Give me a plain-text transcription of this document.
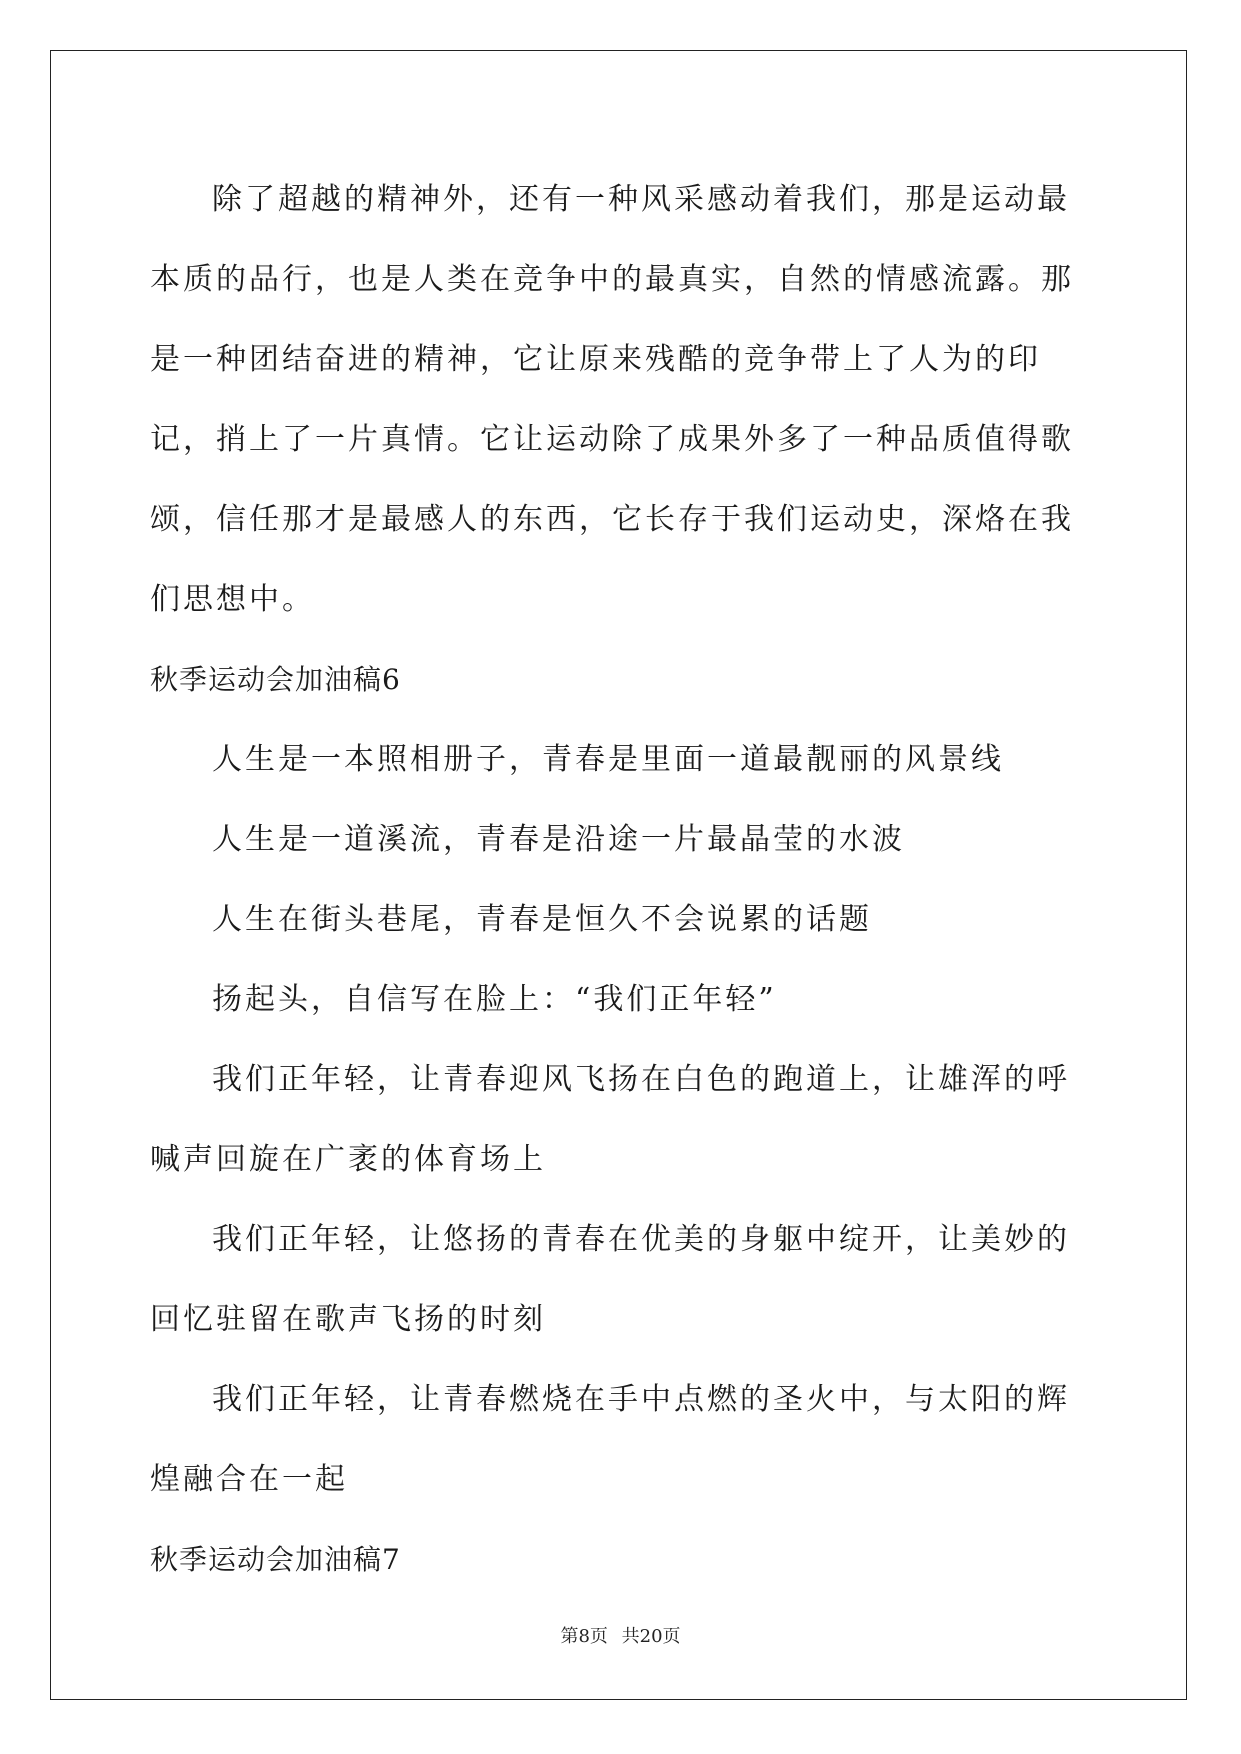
除了超越的精神外，还有一种风采感动着我们，那是运动最本质的品行，也是人类在竞争中的最真实，自然的情感流露。那是一种团结奋进的精神，它让原来残酷的竞争带上了人为的印记，捎上了一片真情。它让运动除了成果外多了一种品质值得歌颂，信任那才是最感人的东西，它长存于我们运动史，深烙在我们思想中。

秋季运动会加油稿6

人生是一本照相册子，青春是里面一道最靓丽的风景线

人生是一道溪流，青春是沿途一片最晶莹的水波

人生在街头巷尾，青春是恒久不会说累的话题

扬起头，自信写在脸上：“我们正年轻”

我们正年轻，让青春迎风飞扬在白色的跑道上，让雄浑的呼喊声回旋在广袤的体育场上

我们正年轻，让悠扬的青春在优美的身躯中绽开，让美妙的回忆驻留在歌声飞扬的时刻

我们正年轻，让青春燃烧在手中点燃的圣火中，与太阳的辉煌融合在一起

秋季运动会加油稿7

第8页 共20页
